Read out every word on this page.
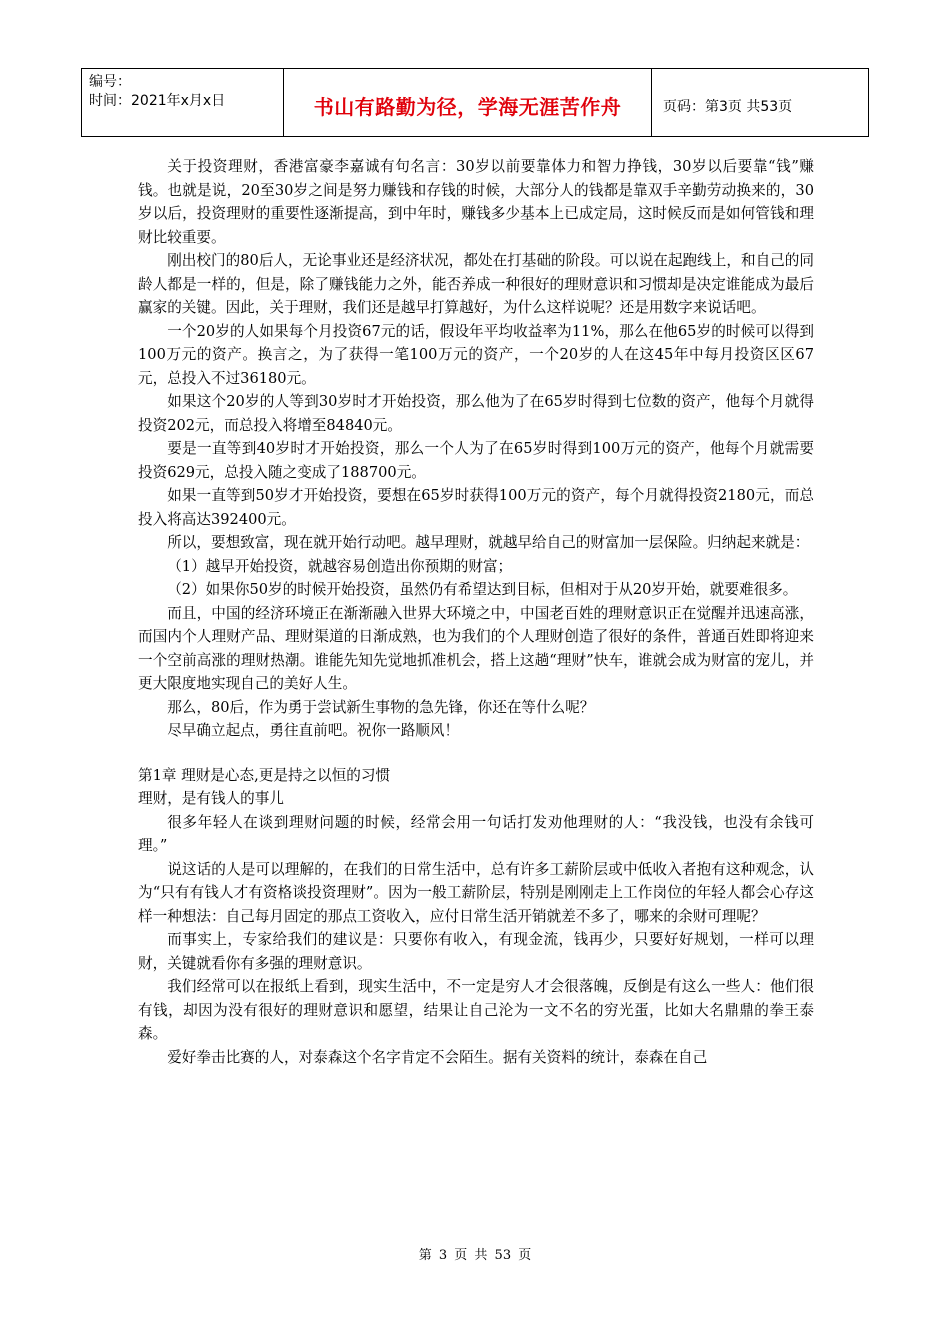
编号：
时间：2021年x月x日	书山有路勤为径，学海无涯苦作舟	页码：第3页 共53页

关于投资理财，香港富豪李嘉诚有句名言：30岁以前要靠体力和智力挣钱，30岁以后要靠“钱”赚钱。也就是说，20至30岁之间是努力赚钱和存钱的时候，大部分人的钱都是靠双手辛勤劳动换来的，30岁以后，投资理财的重要性逐渐提高，到中年时，赚钱多少基本上已成定局，这时候反而是如何管钱和理财比较重要。

刚出校门的80后人，无论事业还是经济状况，都处在打基础的阶段。可以说在起跑线上，和自己的同龄人都是一样的，但是，除了赚钱能力之外，能否养成一种很好的理财意识和习惯却是决定谁能成为最后赢家的关键。因此，关于理财，我们还是越早打算越好，为什么这样说呢？还是用数字来说话吧。

一个20岁的人如果每个月投资67元的话，假设年平均收益率为11%，那么在他65岁的时候可以得到100万元的资产。换言之，为了获得一笔100万元的资产，一个20岁的人在这45年中每月投资区区67元，总投入不过36180元。

如果这个20岁的人等到30岁时才开始投资，那么他为了在65岁时得到七位数的资产，他每个月就得投资202元，而总投入将增至84840元。

要是一直等到40岁时才开始投资，那么一个人为了在65岁时得到100万元的资产，他每个月就需要投资629元，总投入随之变成了188700元。

如果一直等到50岁才开始投资，要想在65岁时获得100万元的资产，每个月就得投资2180元，而总投入将高达392400元。

所以，要想致富，现在就开始行动吧。越早理财，就越早给自己的财富加一层保险。归纳起来就是：

（1）越早开始投资，就越容易创造出你预期的财富；

（2）如果你50岁的时候开始投资，虽然仍有希望达到目标，但相对于从20岁开始，就要难很多。

而且，中国的经济环境正在渐渐融入世界大环境之中，中国老百姓的理财意识正在觉醒并迅速高涨，而国内个人理财产品、理财渠道的日渐成熟，也为我们的个人理财创造了很好的条件，普通百姓即将迎来一个空前高涨的理财热潮。谁能先知先觉地抓准机会，搭上这趟“理财”快车，谁就会成为财富的宠儿，并更大限度地实现自己的美好人生。

那么，80后，作为勇于尝试新生事物的急先锋，你还在等什么呢？

尽早确立起点，勇往直前吧。祝你一路顺风！

第1章 理财是心态,更是持之以恒的习惯

理财，是有钱人的事儿

很多年轻人在谈到理财问题的时候，经常会用一句话打发劝他理财的人：“我没钱，也没有余钱可理。”

说这话的人是可以理解的，在我们的日常生活中，总有许多工薪阶层或中低收入者抱有这种观念，认为“只有有钱人才有资格谈投资理财”。因为一般工薪阶层，特别是刚刚走上工作岗位的年轻人都会心存这样一种想法：自己每月固定的那点工资收入，应付日常生活开销就差不多了，哪来的余财可理呢？

而事实上，专家给我们的建议是：只要你有收入，有现金流，钱再少，只要好好规划，一样可以理财，关键就看你有多强的理财意识。

我们经常可以在报纸上看到，现实生活中，不一定是穷人才会很落魄，反倒是有这么一些人：他们很有钱，却因为没有很好的理财意识和愿望，结果让自己沦为一文不名的穷光蛋，比如大名鼎鼎的拳王泰森。

爱好拳击比赛的人，对泰森这个名字肯定不会陌生。据有关资料的统计，泰森在自己

第 3 页 共 53 页
